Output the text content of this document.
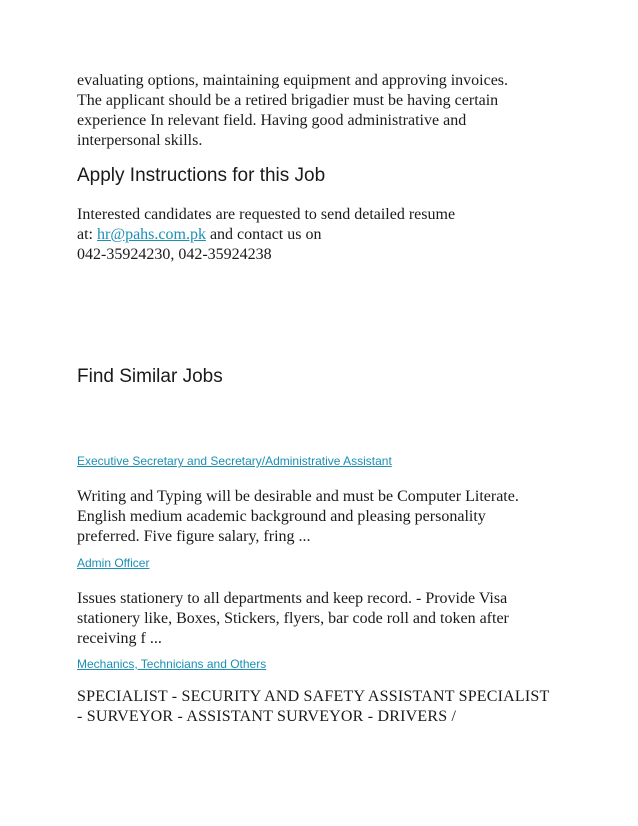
evaluating options, maintaining equipment and approving invoices.
The applicant should be a retired brigadier must be having certain
experience In relevant field. Having good administrative and
interpersonal skills.
Apply Instructions for this Job
Interested candidates are requested to send detailed resume
at: hr@pahs.com.pk and contact us on
042-35924230, 042-35924238
Find Similar Jobs
Executive Secretary and Secretary/Administrative Assistant
Writing and Typing will be desirable and must be Computer Literate.
English medium academic background and pleasing personality
preferred. Five figure salary, fring ...
Admin Officer
Issues stationery to all departments and keep record. - Provide Visa
stationery like, Boxes, Stickers, flyers, bar code roll and token after
receiving f ...
Mechanics, Technicians and Others
SPECIALIST - SECURITY AND SAFETY ASSISTANT SPECIALIST
- SURVEYOR - ASSISTANT SURVEYOR - DRIVERS /
